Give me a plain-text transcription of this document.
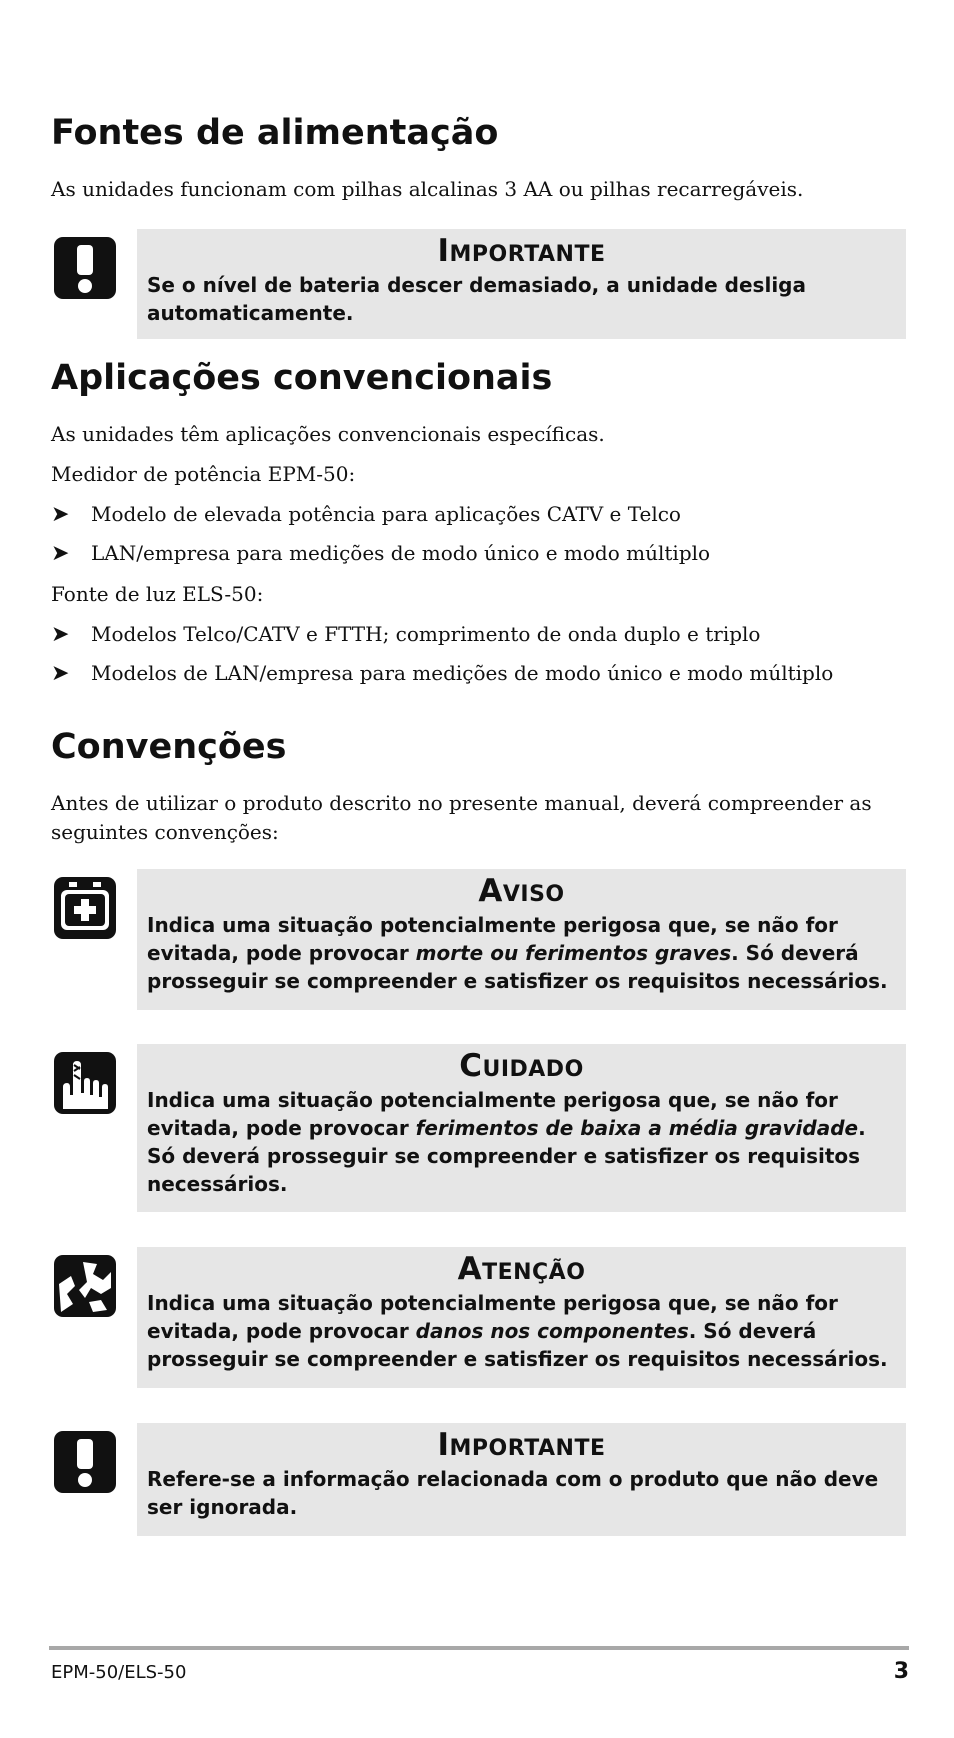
Fontes de alimentação

As unidades funcionam com pilhas alcalinas 3 AA ou pilhas recarregáveis.

Importante
Se o nível de bateria descer demasiado, a unidade desliga automaticamente.
Aplicações convencionais

As unidades têm aplicações convencionais específicas.

Medidor de potência EPM-50:

➤ Modelo de elevada potência para aplicações CATV e Telco
➤ LAN/empresa para medições de modo único e modo múltiplo

Fonte de luz ELS-50:

➤ Modelos Telco/CATV e FTTH; comprimento de onda duplo e triplo
➤ Modelos de LAN/empresa para medições de modo único e modo múltiplo
Convenções

Antes de utilizar o produto descrito no presente manual, deverá compreender as seguintes convenções:

Aviso
Indica uma situação potencialmente perigosa que, se não for evitada, pode provocar morte ou ferimentos graves. Só deverá prosseguir se compreender e satisfizer os requisitos necessários.
Cuidado
Indica uma situação potencialmente perigosa que, se não for evitada, pode provocar ferimentos de baixa a média gravidade. Só deverá prosseguir se compreender e satisfizer os requisitos necessários.
Atenção
Indica uma situação potencialmente perigosa que, se não for evitada, pode provocar danos nos componentes. Só deverá prosseguir se compreender e satisfizer os requisitos necessários.
Importante
Refere-se a informação relacionada com o produto que não deve ser ignorada.
EPM-50/ELS-50	3
